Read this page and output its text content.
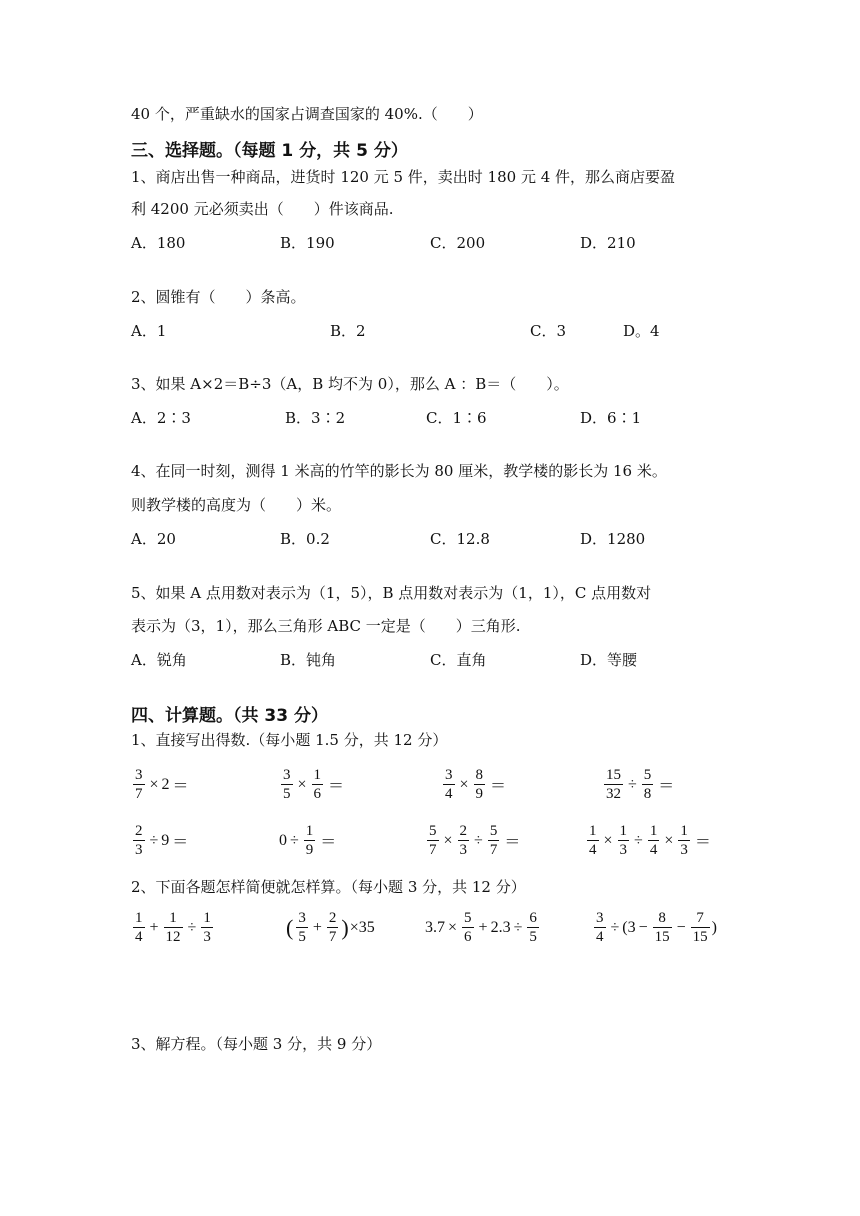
40 个，严重缺水的国家占调查国家的 40%.（　　）
三、选择题。（每题 1 分，共 5 分）
1、商店出售一种商品，进货时 120 元 5 件，卖出时 180 元 4 件，那么商店要盈
利 4200 元必须卖出（　　）件该商品.
A．180	B．190	C．200	D．210
2、圆锥有（　　）条高。
A．1	B．2	C．3	D。4
3、如果 A×2＝B÷3（A，B 均不为 0），那么 A ：B＝（　　）。
A．2∶3	B．3∶2	C．1∶6	D．6∶1
4、在同一时刻，测得 1 米高的竹竿的影长为 80 厘米，教学楼的影长为 16 米。
则教学楼的高度为（　　）米。
A．20	B．0.2	C．12.8	D．1280
5、如果 A 点用数对表示为（1，5），B 点用数对表示为（1，1），C 点用数对
表示为（3，1），那么三角形 ABC 一定是（　　）三角形.
A．锐角	B．钝角	C．直角	D．等腰
四、计算题。（共 33 分）
1、直接写出得数.（每小题 1.5 分，共 12 分）
$\frac{3}{7} \times 2$ ＝	$\frac{3}{5} \times \frac{1}{6}$ ＝	$\frac{3}{4} \times \frac{8}{9}$ ＝	$\frac{15}{32} \div \frac{5}{8}$ ＝
$\frac{2}{3} \div 9$ ＝	$0 \div \frac{1}{9}$ ＝	$\frac{5}{7} \times \frac{2}{3} \div \frac{5}{7}$ ＝	$\frac{1}{4} \times \frac{1}{3} \div \frac{1}{4} \times \frac{1}{3}$ ＝
2、下面各题怎样简便就怎样算。（每小题 3 分，共 12 分）
$\frac{1}{4} + \frac{1}{12} \div \frac{1}{3}$	( $\frac{3}{5} + \frac{2}{7}$ ) × 35	$3.7 \times \frac{5}{6} + 2.3 \div \frac{6}{5}$	$\frac{3}{4}$ ÷ ( $3 - \frac{8}{15} - \frac{7}{15}$ )
3、解方程。（每小题 3 分，共 9 分）
